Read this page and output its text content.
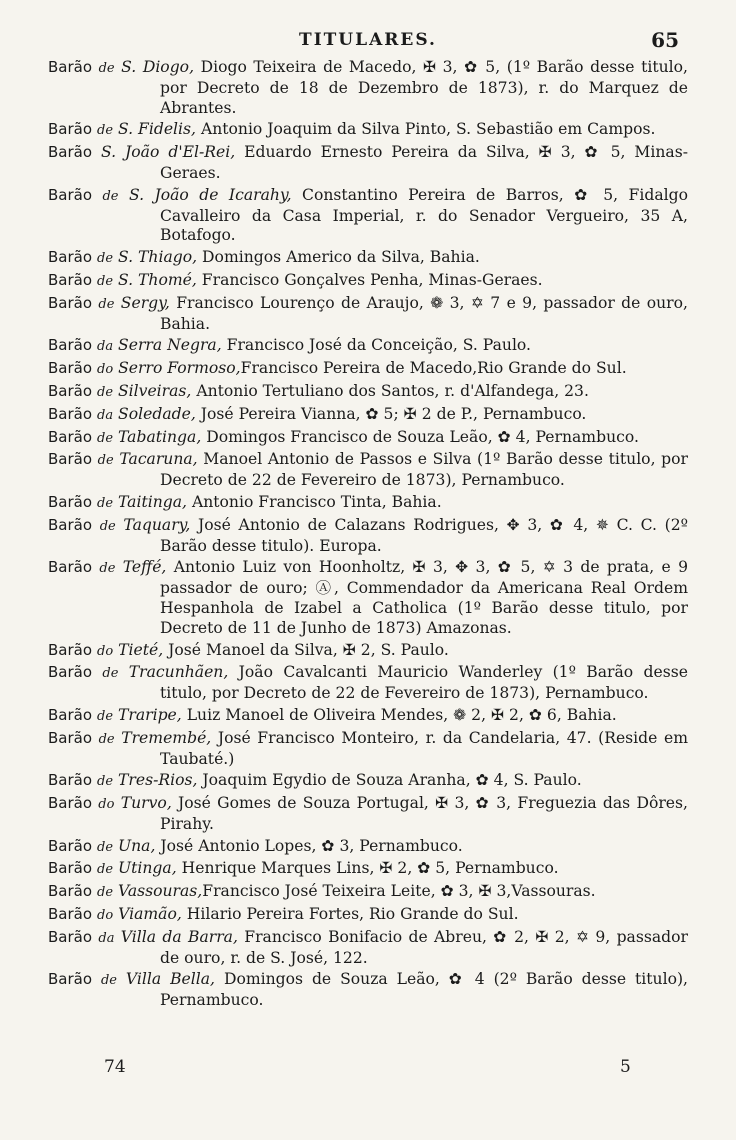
TITULARES.	65

Barão de S. Diogo, Diogo Teixeira de Macedo, ✠ 3, ✿ 5, (1º Barão desse titulo, por Decreto de 18 de Dezembro de 1873), r. do Marquez de Abrantes.

Barão de S. Fidelis, Antonio Joaquim da Silva Pinto, S. Sebastião em Campos.

Barão S. João d'El-Rei, Eduardo Ernesto Pereira da Silva, ✠ 3, ✿ 5, Minas-Geraes.

Barão de S. João de Icarahy, Constantino Pereira de Barros, ✿ 5, Fidalgo Cavalleiro da Casa Imperial, r. do Senador Vergueiro, 35 A, Botafogo.

Barão de S. Thiago, Domingos Americo da Silva, Bahia.

Barão de S. Thomé, Francisco Gonçalves Penha, Minas-Geraes.

Barão de Sergy, Francisco Lourenço de Araujo, ❁ 3, ✡ 7 e 9, passador de ouro, Bahia.

Barão da Serra Negra, Francisco José da Conceição, S. Paulo.

Barão do Serro Formoso,Francisco Pereira de Macedo,Rio Grande do Sul.

Barão de Silveiras, Antonio Tertuliano dos Santos, r. d'Alfandega, 23.

Barão da Soledade, José Pereira Vianna, ✿ 5; ✠ 2 de P., Pernambuco.

Barão de Tabatinga, Domingos Francisco de Souza Leão, ✿ 4, Pernambuco.

Barão de Tacaruna, Manoel Antonio de Passos e Silva (1º Barão desse titulo, por Decreto de 22 de Fevereiro de 1873), Pernambuco.

Barão de Taitinga, Antonio Francisco Tinta, Bahia.

Barão de Taquary, José Antonio de Calazans Rodrigues, ✥ 3, ✿ 4, ✵ C. C. (2º Barão desse titulo). Europa.

Barão de Teffé, Antonio Luiz von Hoonholtz, ✠ 3, ✥ 3, ✿ 5, ✡ 3 de prata, e 9 passador de ouro; Ⓐ, Commendador da Americana Real Ordem Hespanhola de Izabel a Catholica (1º Barão desse titulo, por Decreto de 11 de Junho de 1873) Amazonas.

Barão do Tieté, José Manoel da Silva, ✠ 2, S. Paulo.

Barão de Tracunhãen, João Cavalcanti Mauricio Wanderley (1º Barão desse titulo, por Decreto de 22 de Fevereiro de 1873), Pernambuco.

Barão de Traripe, Luiz Manoel de Oliveira Mendes, ❁ 2, ✠ 2, ✿ 6, Bahia.

Barão de Tremembé, José Francisco Monteiro, r. da Candelaria, 47. (Reside em Taubaté.)

Barão de Tres-Rios, Joaquim Egydio de Souza Aranha, ✿ 4, S. Paulo.

Barão do Turvo, José Gomes de Souza Portugal, ✠ 3, ✿ 3, Freguezia das Dôres, Pirahy.

Barão de Una, José Antonio Lopes, ✿ 3, Pernambuco.

Barão de Utinga, Henrique Marques Lins, ✠ 2, ✿ 5, Pernambuco.

Barão de Vassouras,Francisco José Teixeira Leite, ✿ 3, ✠ 3,Vassouras.

Barão do Viamão, Hilario Pereira Fortes, Rio Grande do Sul.

Barão da Villa da Barra, Francisco Bonifacio de Abreu, ✿ 2, ✠ 2, ✡ 9, passador de ouro, r. de S. José, 122.

Barão de Villa Bella, Domingos de Souza Leão, ✿ 4 (2º Barão desse titulo), Pernambuco.

74	5
